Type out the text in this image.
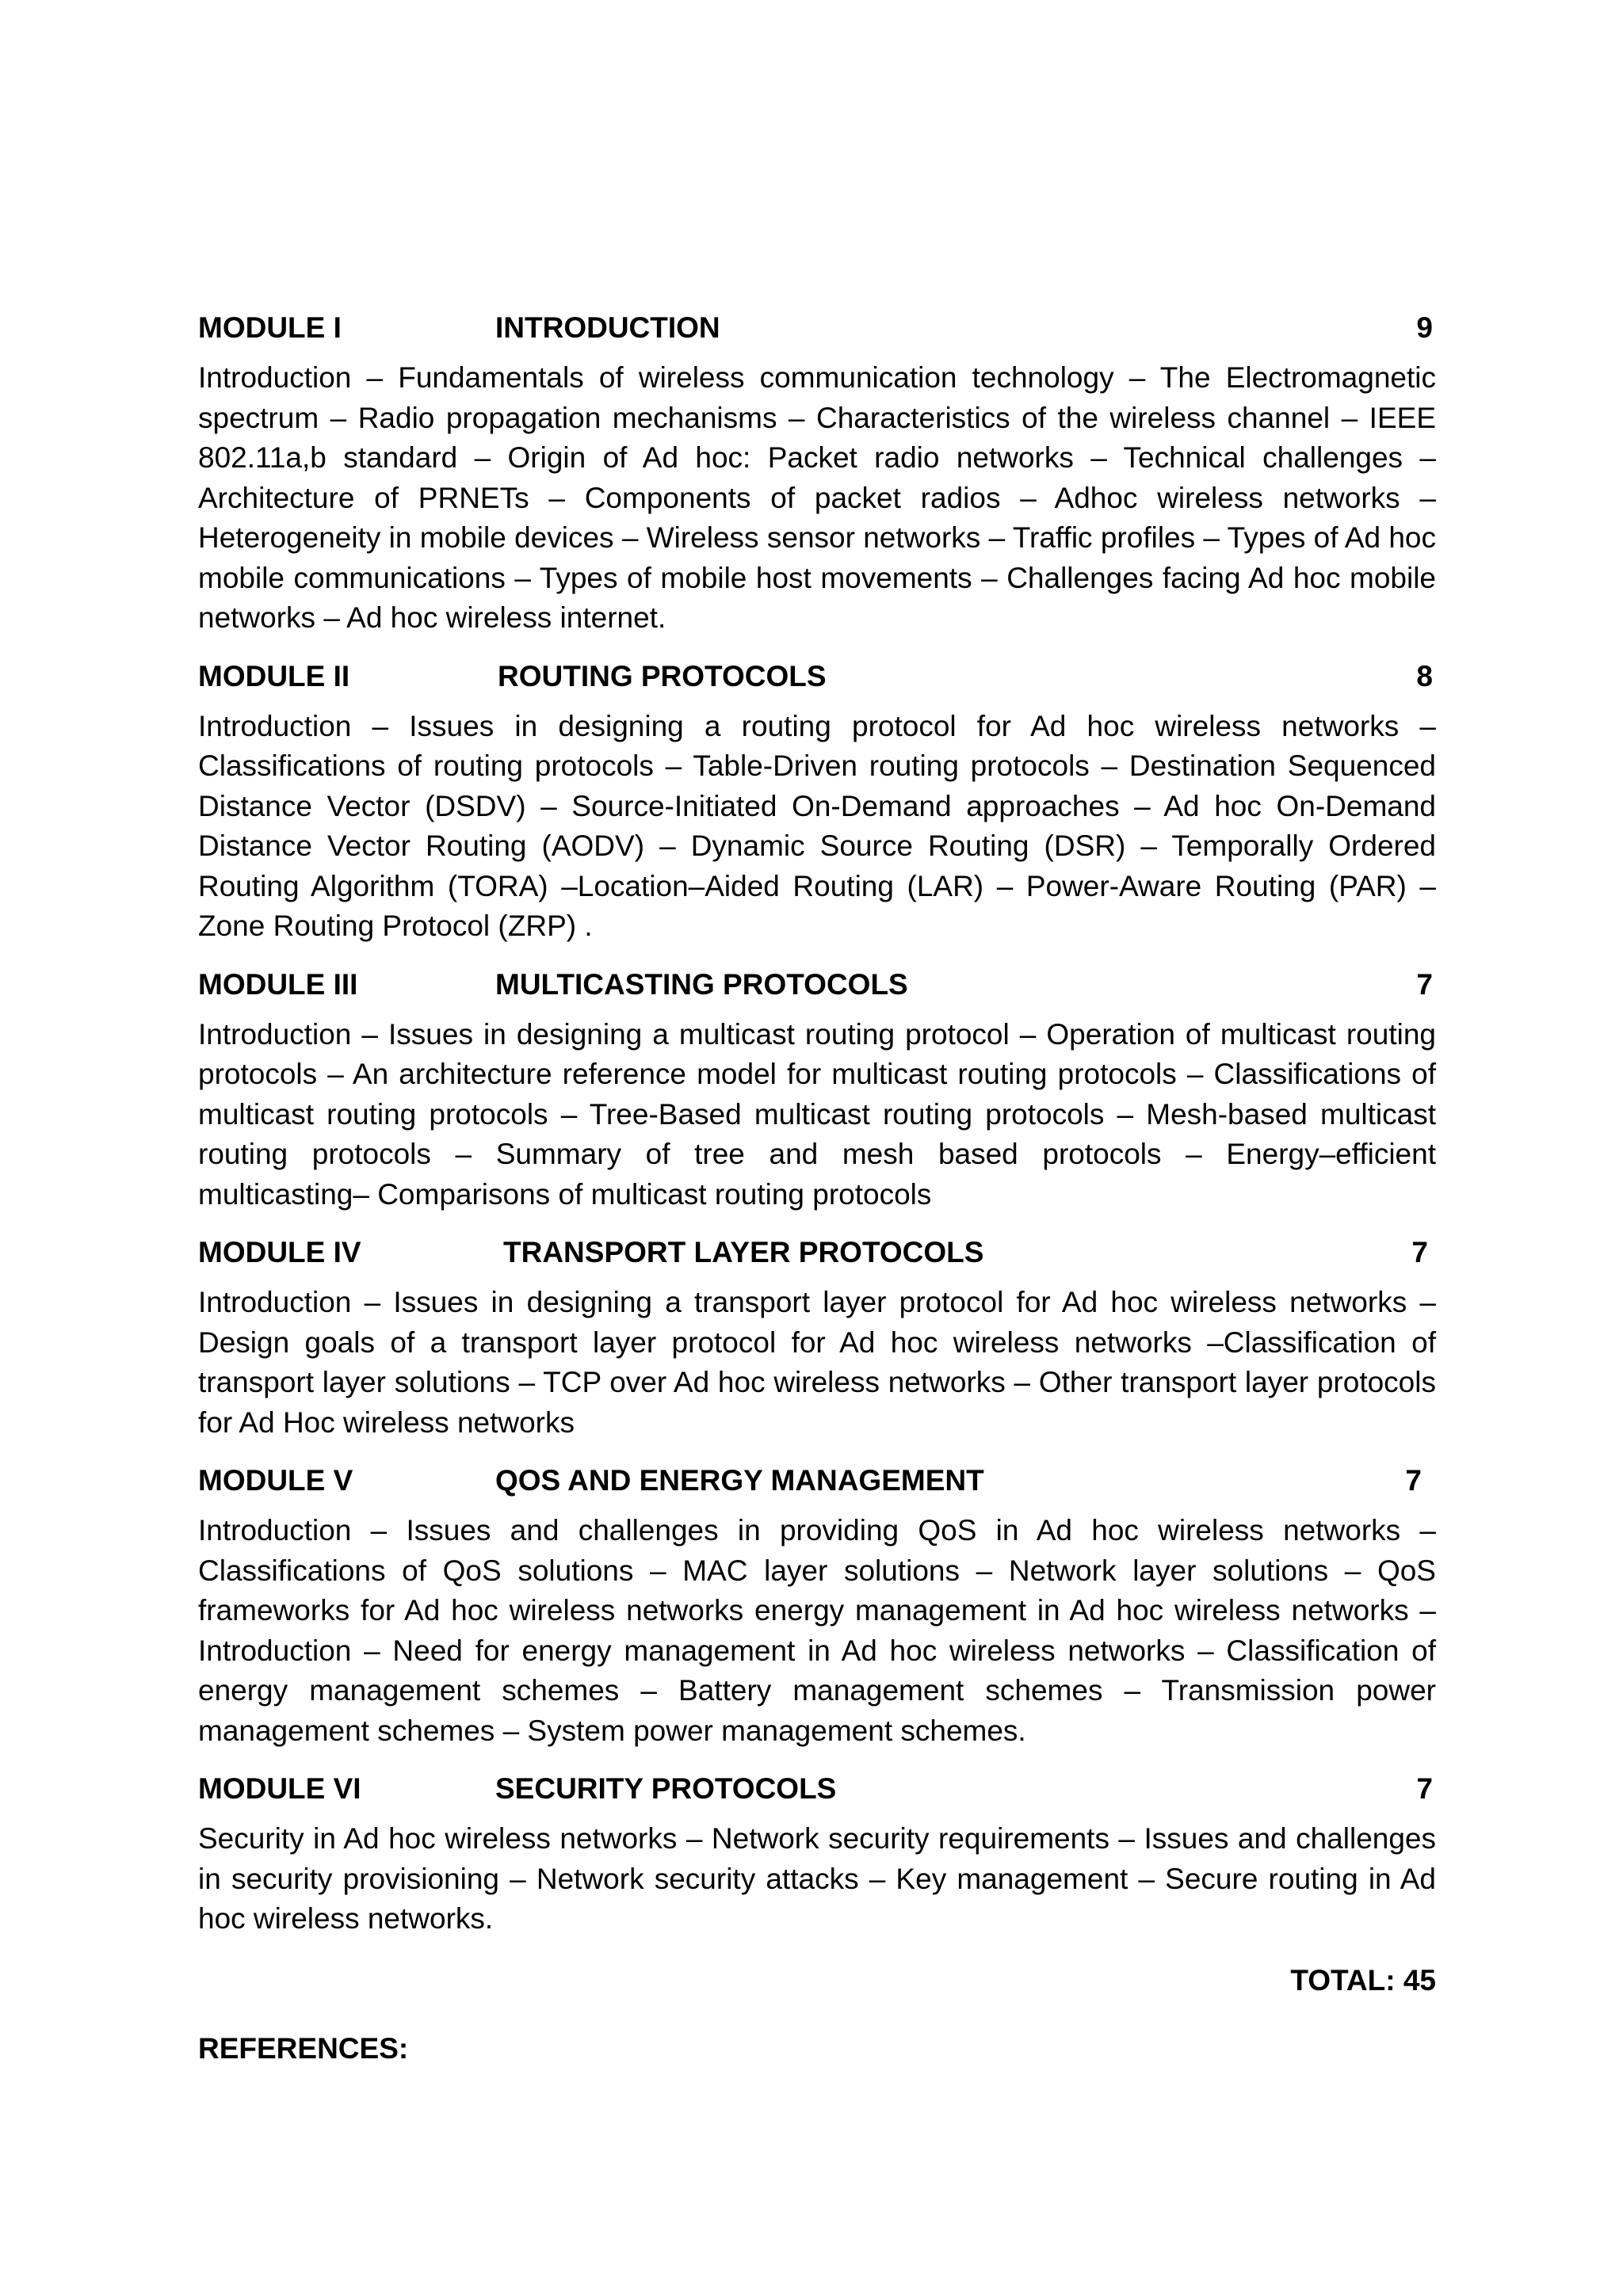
MODULE I	INTRODUCTION	9
Introduction – Fundamentals of wireless communication technology – The Electromagnetic spectrum – Radio propagation mechanisms – Characteristics of the wireless channel – IEEE 802.11a,b standard – Origin of Ad hoc: Packet radio networks – Technical challenges – Architecture of PRNETs – Components of packet radios – Adhoc wireless networks – Heterogeneity in mobile devices – Wireless sensor networks – Traffic profiles – Types of Ad hoc mobile communications – Types of mobile host movements – Challenges facing Ad hoc mobile networks – Ad hoc wireless internet.
MODULE II	ROUTING PROTOCOLS	8
Introduction – Issues in designing a routing protocol for Ad hoc wireless networks – Classifications of routing protocols – Table-Driven routing protocols – Destination Sequenced Distance Vector (DSDV) – Source-Initiated On-Demand approaches – Ad hoc On-Demand Distance Vector Routing (AODV) – Dynamic Source Routing (DSR) – Temporally Ordered Routing Algorithm (TORA) –Location–Aided Routing (LAR) – Power-Aware Routing (PAR) – Zone Routing Protocol (ZRP) .
MODULE III	MULTICASTING PROTOCOLS	7
Introduction – Issues in designing a multicast routing protocol – Operation of multicast routing protocols – An architecture reference model for multicast routing protocols – Classifications of multicast routing protocols – Tree-Based multicast routing protocols – Mesh-based multicast routing protocols – Summary of tree and mesh based protocols – Energy–efficient multicasting– Comparisons of multicast routing protocols
MODULE IV	TRANSPORT LAYER PROTOCOLS	7
Introduction – Issues in designing a transport layer protocol for Ad hoc wireless networks – Design goals of a transport layer protocol for Ad hoc wireless networks –Classification of transport layer solutions – TCP over Ad hoc wireless networks – Other transport layer protocols for Ad Hoc wireless networks
MODULE V	QOS AND ENERGY MANAGEMENT	7
Introduction – Issues and challenges in providing QoS in Ad hoc wireless networks – Classifications of QoS solutions – MAC layer solutions – Network layer solutions – QoS frameworks for Ad hoc wireless networks energy management in Ad hoc wireless networks –Introduction – Need for energy management in Ad hoc wireless networks – Classification of energy management schemes – Battery management schemes – Transmission power management schemes – System power management schemes.
MODULE VI	SECURITY PROTOCOLS	7
Security in Ad hoc wireless networks – Network security requirements – Issues and challenges in security provisioning – Network security attacks – Key management – Secure routing in Ad hoc wireless networks.
TOTAL: 45
REFERENCES:
